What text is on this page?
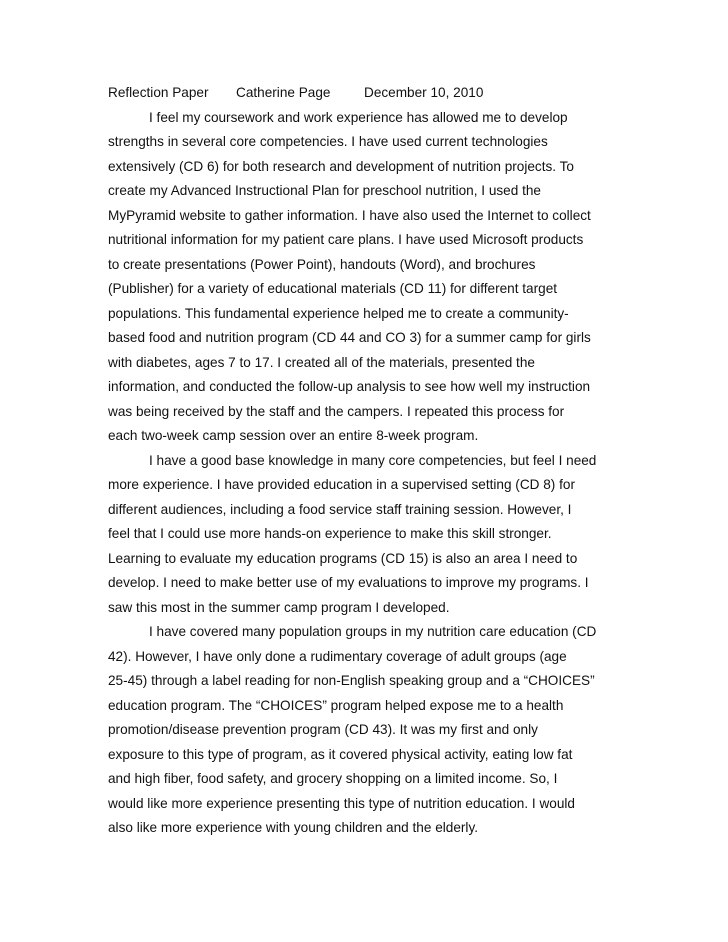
Reflection Paper Catherine Page December 10, 2010
I feel my coursework and work experience has allowed me to develop
strengths in several core competencies. I have used current technologies
extensively (CD 6) for both research and development of nutrition projects. To
create my Advanced Instructional Plan for preschool nutrition, I used the
MyPyramid website to gather information. I have also used the Internet to collect
nutritional information for my patient care plans. I have used Microsoft products
to create presentations (Power Point), handouts (Word), and brochures
(Publisher) for a variety of educational materials (CD 11) for different target
populations. This fundamental experience helped me to create a community-
based food and nutrition program (CD 44 and CO 3) for a summer camp for girls
with diabetes, ages 7 to 17. I created all of the materials, presented the
information, and conducted the follow-up analysis to see how well my instruction
was being received by the staff and the campers. I repeated this process for
each two-week camp session over an entire 8-week program.
I have a good base knowledge in many core competencies, but feel I need
more experience. I have provided education in a supervised setting (CD 8) for
different audiences, including a food service staff training session. However, I
feel that I could use more hands-on experience to make this skill stronger.
Learning to evaluate my education programs (CD 15) is also an area I need to
develop. I need to make better use of my evaluations to improve my programs. I
saw this most in the summer camp program I developed.
I have covered many population groups in my nutrition care education (CD
42). However, I have only done a rudimentary coverage of adult groups (age
25-45) through a label reading for non-English speaking group and a “CHOICES”
education program. The “CHOICES” program helped expose me to a health
promotion/disease prevention program (CD 43). It was my first and only
exposure to this type of program, as it covered physical activity, eating low fat
and high fiber, food safety, and grocery shopping on a limited income. So, I
would like more experience presenting this type of nutrition education. I would
also like more experience with young children and the elderly.
